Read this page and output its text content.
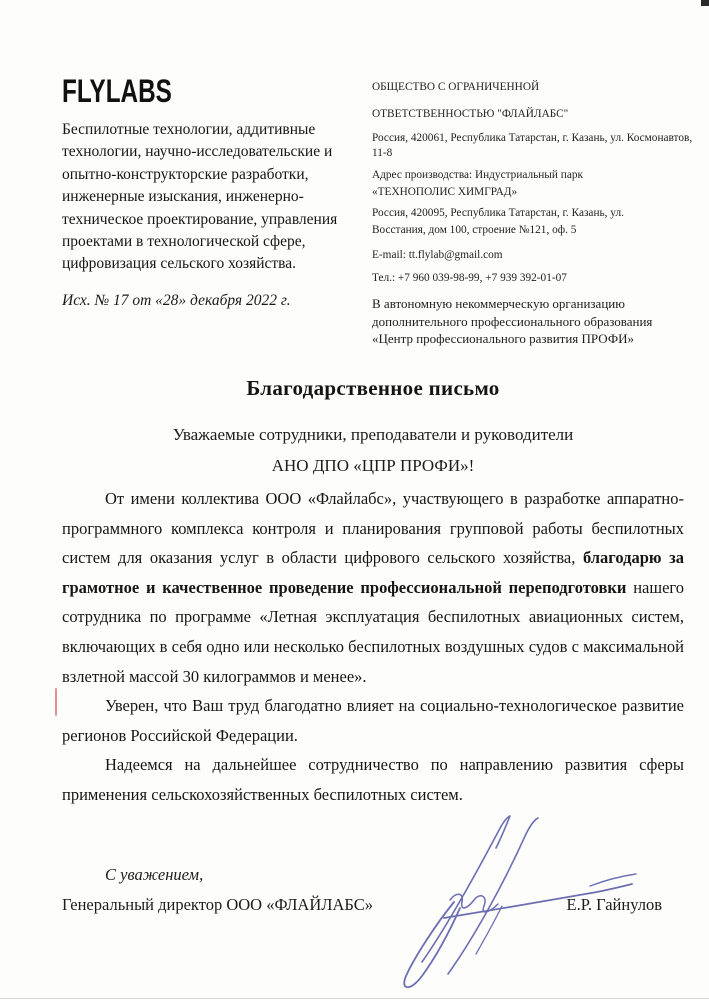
FLYLABS
Беспилотные технологии, аддитивные
технологии, научно-исследовательские и
опытно-конструкторские разработки,
инженерные изыскания, инженерно-
техническое проектирование, управления
проектами в технологической сфере,
цифровизация сельского хозяйства.
Исх. № 17 от «28» декабря 2022 г.
ОБЩЕСТВО С ОГРАНИЧЕННОЙ
ОТВЕТСТВЕННОСТЬЮ "ФЛАЙЛАБС"
Россия, 420061, Республика Татарстан, г. Казань, ул. Космонавтов,
11-8
Адрес производства: Индустриальный парк
«ТЕХНОПОЛИС ХИМГРАД»
Россия, 420095, Республика Татарстан, г. Казань, ул.
Восстания, дом 100, строение №121, оф. 5
E-mail: tt.flylab@gmail.com
Тел.: +7 960 039-98-99, +7 939 392-01-07
В автономную некоммерческую организацию
дополнительного профессионального образования
«Центр профессионального развития ПРОФИ»
Благодарственное письмо
Уважаемые сотрудники, преподаватели и руководители
АНО ДПО «ЦПР ПРОФИ»!

От имени коллектива ООО «Флайлабс», участвующего в разработке аппаратно-программного комплекса контроля и планирования групповой работы беспилотных систем для оказания услуг в области цифрового сельского хозяйства, благодарю за грамотное и качественное проведение профессиональной переподготовки нашего сотрудника по программе «Летная эксплуатация беспилотных авиационных систем, включающих в себя одно или несколько беспилотных воздушных судов с максимальной взлетной массой 30 килограммов и менее».

Уверен, что Ваш труд благодатно влияет на социально-технологическое развитие регионов Российской Федерации.

Надеемся на дальнейшее сотрудничество по направлению развития сферы применения сельскохозяйственных беспилотных систем.

С уважением,
Генеральный директор ООО «ФЛАЙЛАБС»	Е.Р. Гайнулов
